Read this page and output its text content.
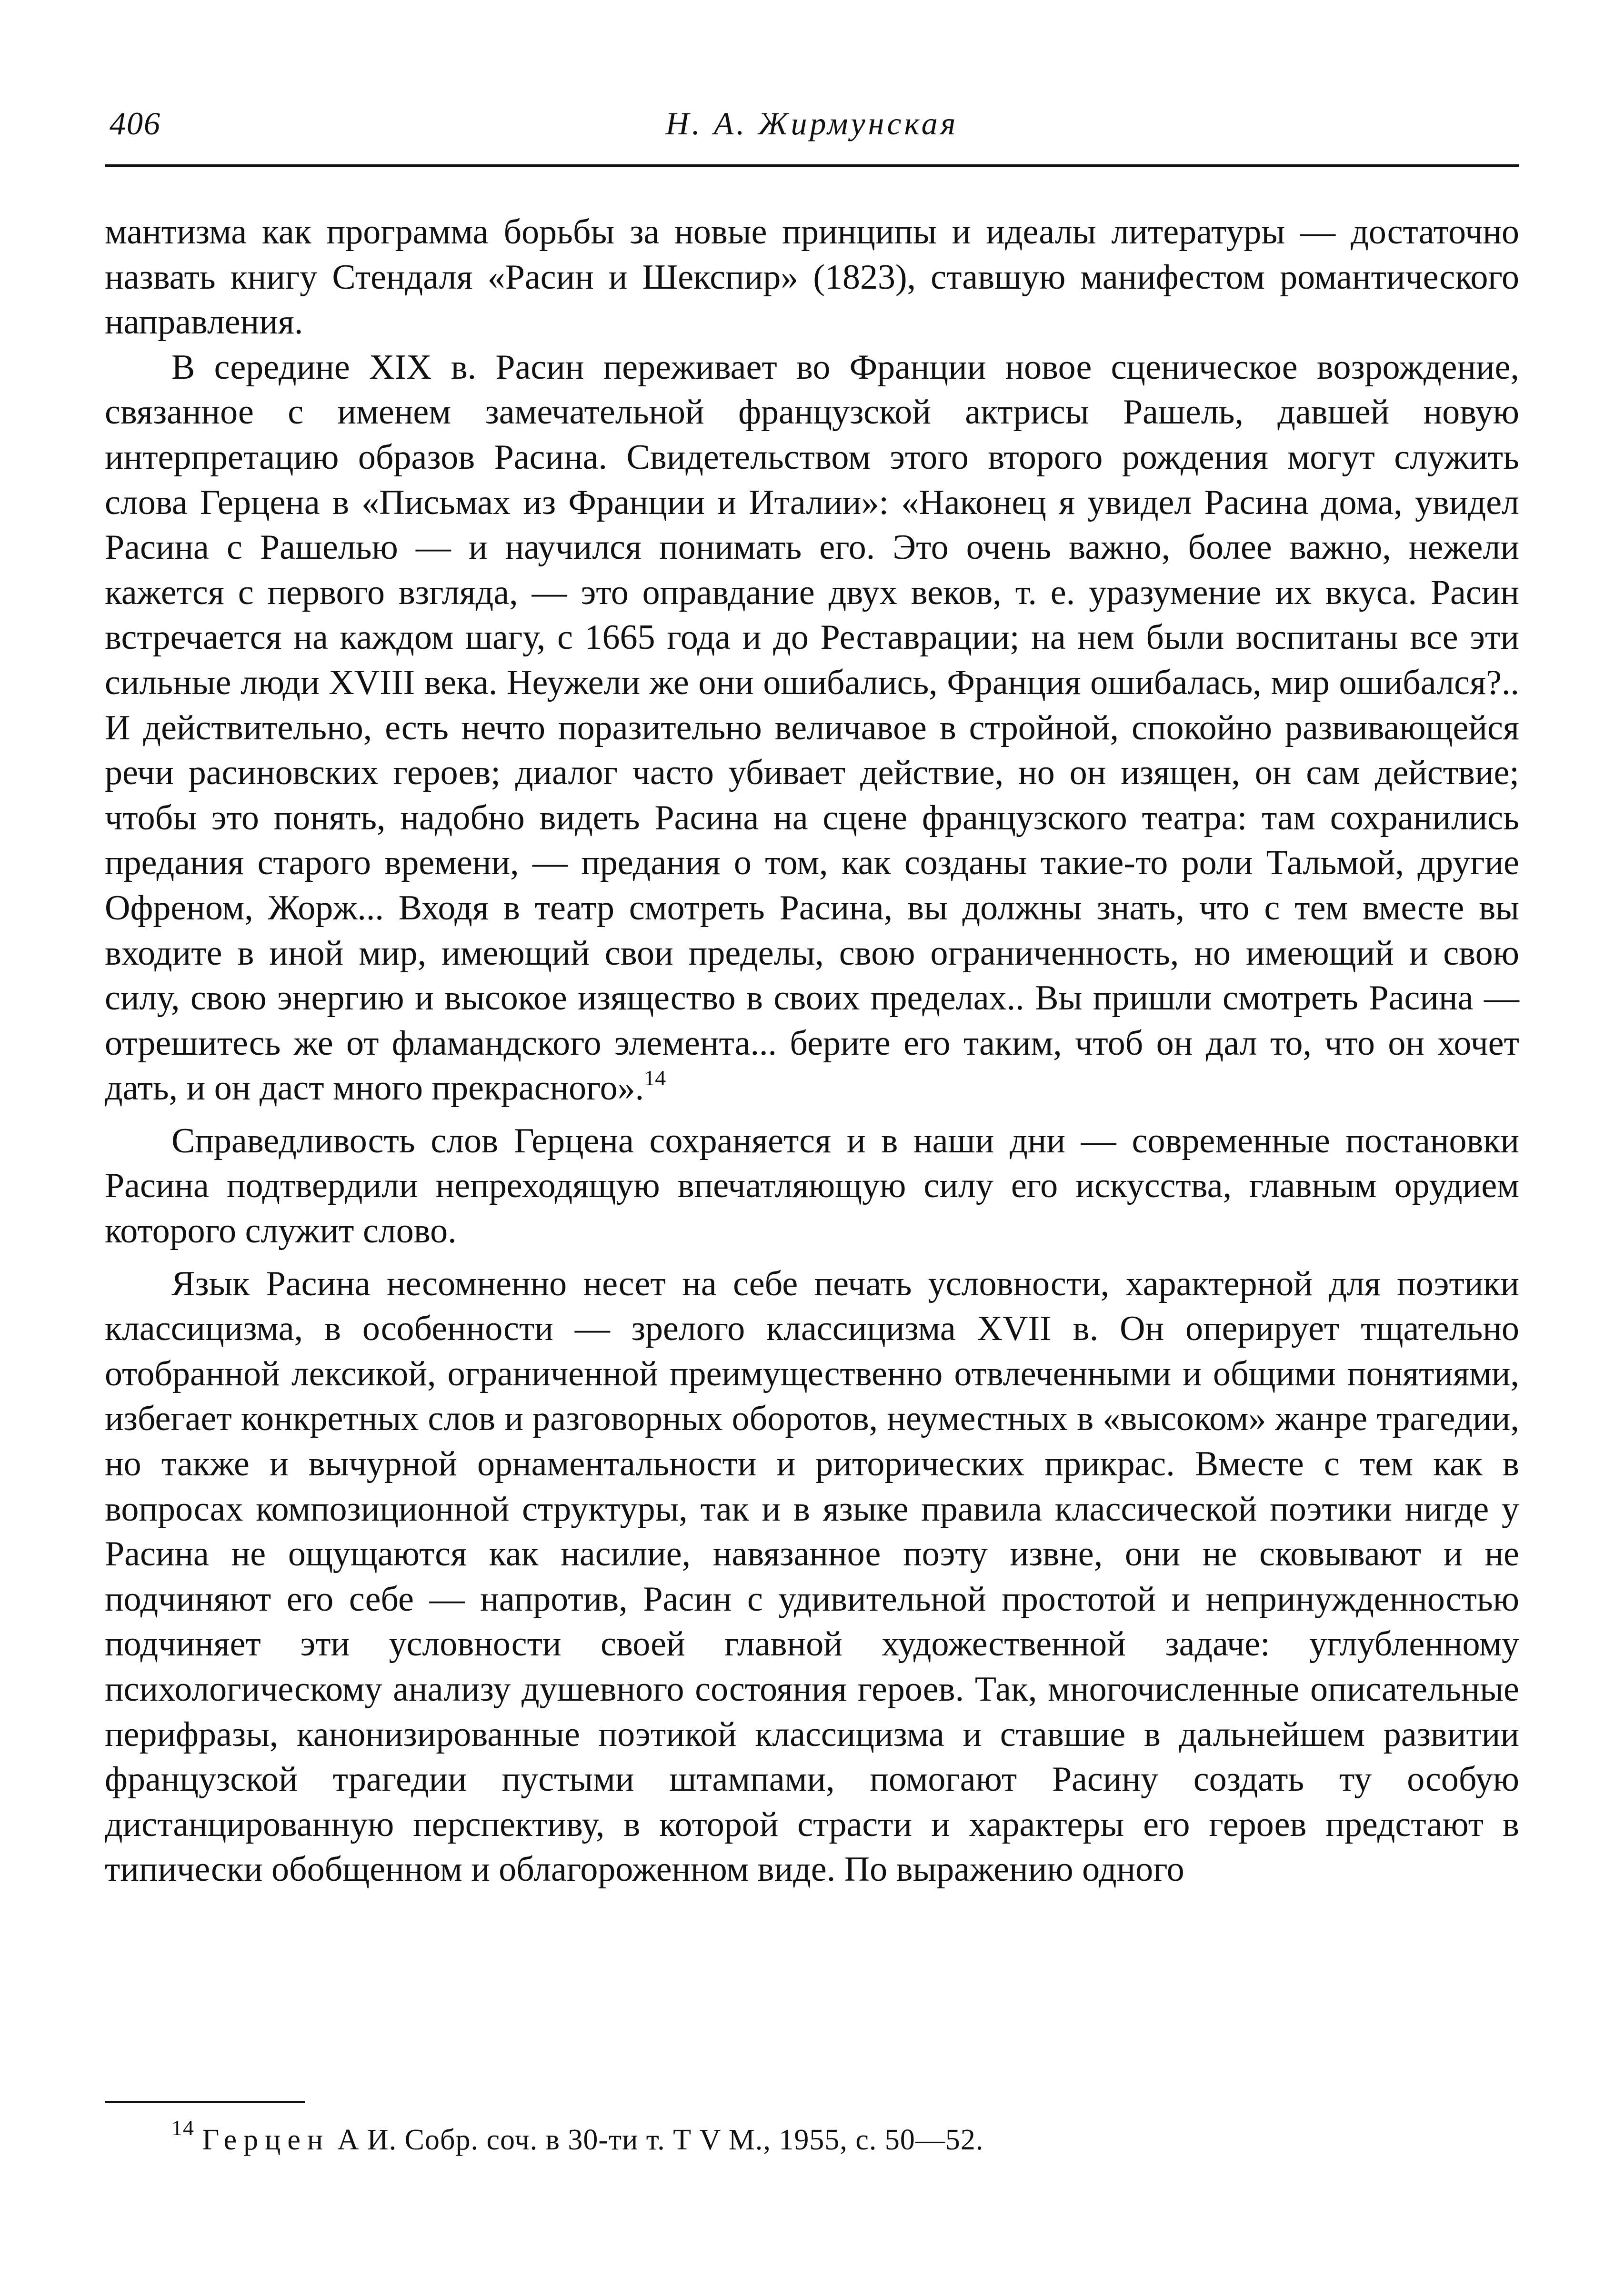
406	Н. А. Жирмунская

мантизма как программа борьбы за новые принципы и идеалы литературы — достаточно назвать книгу Стендаля «Расин и Шекспир» (1823), ставшую манифестом романтического направления.

В середине XIX в. Расин переживает во Франции новое сценическое возрождение, связанное с именем замечательной французской актрисы Рашель, давшей новую интерпретацию образов Расина. Свидетельством этого второго рождения могут служить слова Герцена в «Письмах из Франции и Италии»: «Наконец я увидел Расина дома, увидел Расина с Рашелью — и научился понимать его. Это очень важно, более важно, нежели кажется с первого взгляда, — это оправдание двух веков, т. е. уразумение их вкуса. Расин встречается на каждом шагу, с 1665 года и до Реставрации; на нем были воспитаны все эти сильные люди XVIII века. Неужели же они ошибались, Франция ошибалась, мир ошибался?.. И действительно, есть нечто поразительно величавое в стройной, спокойно развивающейся речи расиновских героев; диалог часто убивает действие, но он изящен, он сам действие; чтобы это понять, надобно видеть Расина на сцене французского театра: там сохранились предания старого времени, — предания о том, как созданы такие-то роли Тальмой, другие Офреном, Жорж... Входя в театр смотреть Расина, вы должны знать, что с тем вместе вы входите в иной мир, имеющий свои пределы, свою ограниченность, но имеющий и свою силу, свою энергию и высокое изящество в своих пределах.. Вы пришли смотреть Расина — отрешитесь же от фламандского элемента... берите его таким, чтоб он дал то, что он хочет дать, и он даст много прекрасного».$^{14}$

Справедливость слов Герцена сохраняется и в наши дни — современные постановки Расина подтвердили непреходящую впечатляющую силу его искусства, главным орудием которого служит слово.

Язык Расина несомненно несет на себе печать условности, характерной для поэтики классицизма, в особенности — зрелого классицизма XVII в. Он оперирует тщательно отобранной лексикой, ограниченной преимущественно отвлеченными и общими понятиями, избегает конкретных слов и разговорных оборотов, неуместных в «высоком» жанре трагедии, но также и вычурной орнаментальности и риторических прикрас. Вместе с тем как в вопросах композиционной структуры, так и в языке правила классической поэтики нигде у Расина не ощущаются как насилие, навязанное поэту извне, они не сковывают и не подчиняют его себе — напротив, Расин с удивительной простотой и непринужденностью подчиняет эти условности своей главной художественной задаче: углубленному психологическому анализу душевного состояния героев. Так, многочисленные описательные перифразы, канонизированные поэтикой классицизма и ставшие в дальнейшем развитии французской трагедии пустыми штампами, помогают Расину создать ту особую дистанцированную перспективу, в которой страсти и характеры его героев предстают в типически обобщенном и облагороженном виде. По выражению одного

$^{14}$ Герцен А И. Собр. соч. в 30-ти т. Т V М., 1955, с. 50—52.
